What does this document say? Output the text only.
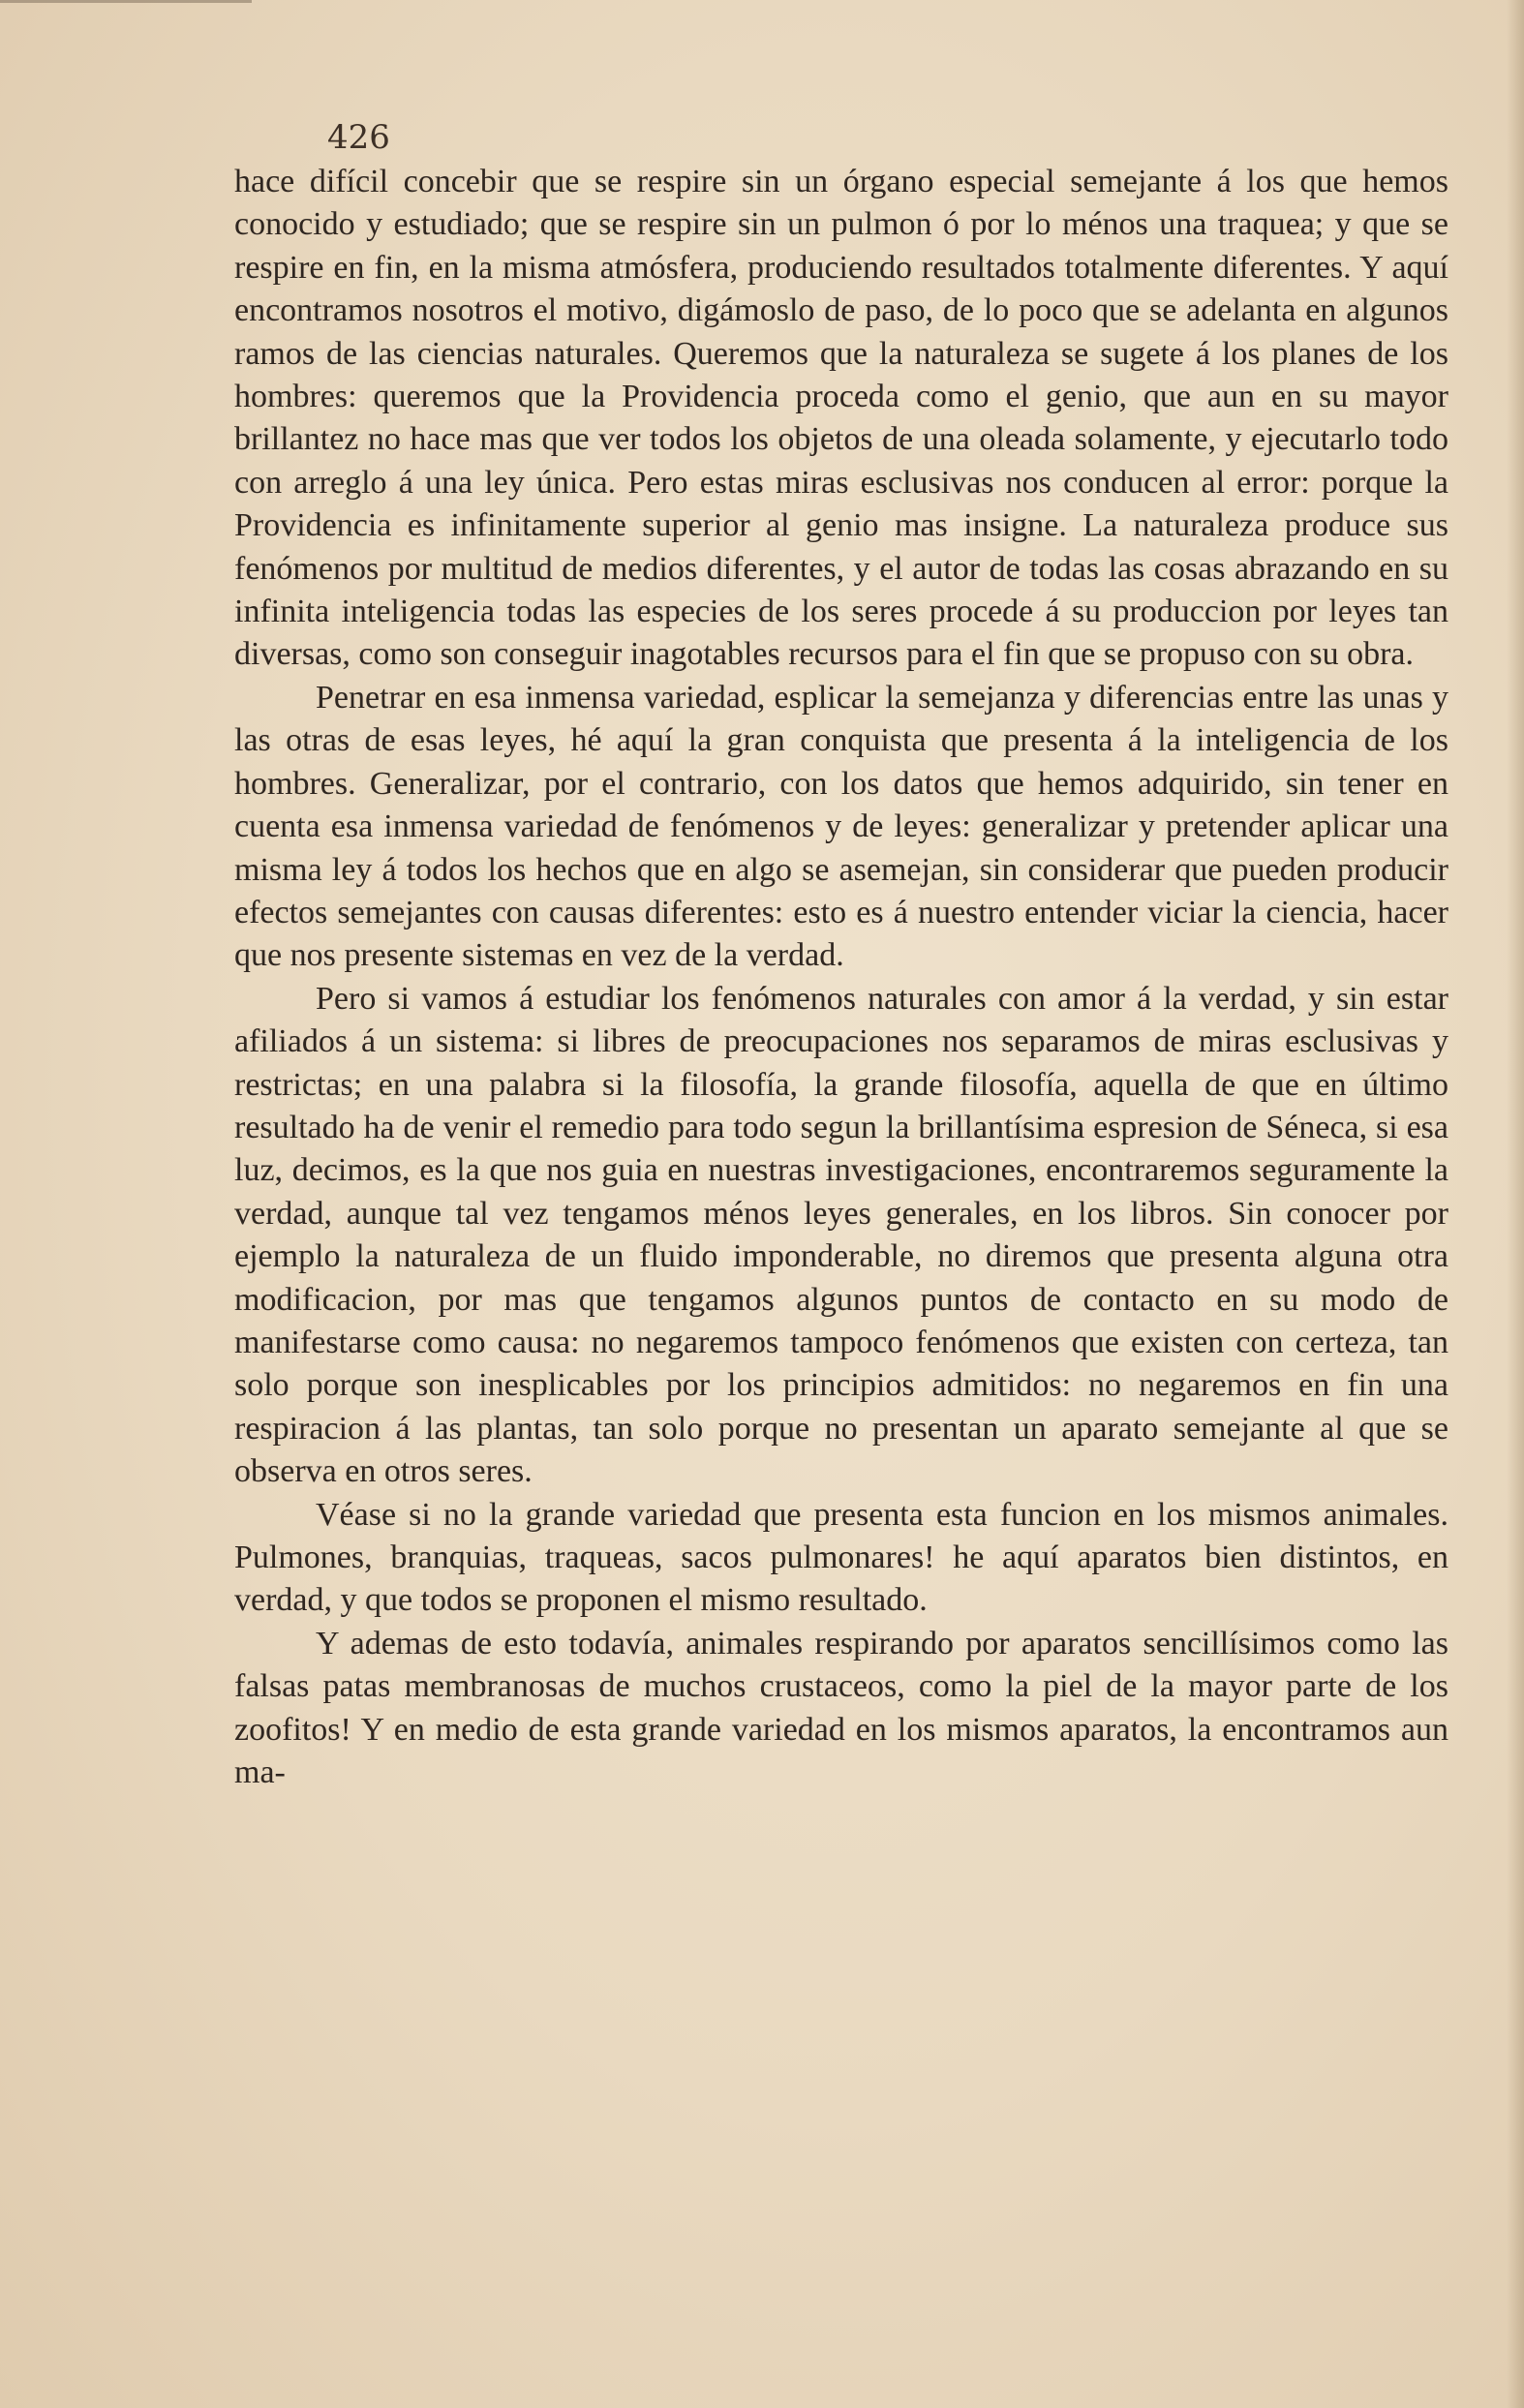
426

hace difícil concebir que se respire sin un órgano especial semejante á los que hemos conocido y estudiado; que se respire sin un pulmon ó por lo ménos una traquea; y que se respire en fin, en la misma atmósfera, produciendo resultados totalmente diferentes. Y aquí encontramos nosotros el motivo, digámoslo de paso, de lo poco que se adelanta en algunos ramos de las ciencias naturales. Queremos que la naturaleza se sugete á los planes de los hombres: queremos que la Providencia proceda como el genio, que aun en su mayor brillantez no hace mas que ver todos los objetos de una oleada solamente, y ejecutarlo todo con arreglo á una ley única. Pero estas miras esclusivas nos conducen al error: porque la Providencia es infinitamente superior al genio mas insigne. La naturaleza produce sus fenómenos por multitud de medios diferentes, y el autor de todas las cosas abrazando en su infinita inteligencia todas las especies de los seres procede á su produccion por leyes tan diversas, como son conseguir inagotables recursos para el fin que se propuso con su obra.

Penetrar en esa inmensa variedad, esplicar la semejanza y diferencias entre las unas y las otras de esas leyes, hé aquí la gran conquista que presenta á la inteligencia de los hombres. Generalizar, por el contrario, con los datos que hemos adquirido, sin tener en cuenta esa inmensa variedad de fenómenos y de leyes: generalizar y pretender aplicar una misma ley á todos los hechos que en algo se asemejan, sin considerar que pueden producir efectos semejantes con causas diferentes: esto es á nuestro entender viciar la ciencia, hacer que nos presente sistemas en vez de la verdad.

Pero si vamos á estudiar los fenómenos naturales con amor á la verdad, y sin estar afiliados á un sistema: si libres de preocupaciones nos separamos de miras esclusivas y restrictas; en una palabra si la filosofía, la grande filosofía, aquella de que en último resultado ha de venir el remedio para todo segun la brillantísima espresion de Séneca, si esa luz, decimos, es la que nos guia en nuestras investigaciones, encontraremos seguramente la verdad, aunque tal vez tengamos ménos leyes generales, en los libros. Sin conocer por ejemplo la naturaleza de un fluido imponderable, no diremos que presenta alguna otra modificacion, por mas que tengamos algunos puntos de contacto en su modo de manifestarse como causa: no negaremos tampoco fenómenos que existen con certeza, tan solo porque son inesplicables por los principios admitidos: no negaremos en fin una respiracion á las plantas, tan solo porque no presentan un aparato semejante al que se observa en otros seres.

Véase si no la grande variedad que presenta esta funcion en los mismos animales. Pulmones, branquias, traqueas, sacos pulmonares! he aquí aparatos bien distintos, en verdad, y que todos se proponen el mismo resultado.

Y ademas de esto todavía, animales respirando por aparatos sencillísimos como las falsas patas membranosas de muchos crustaceos, como la piel de la mayor parte de los zoofitos! Y en medio de esta grande variedad en los mismos aparatos, la encontramos aun ma-
